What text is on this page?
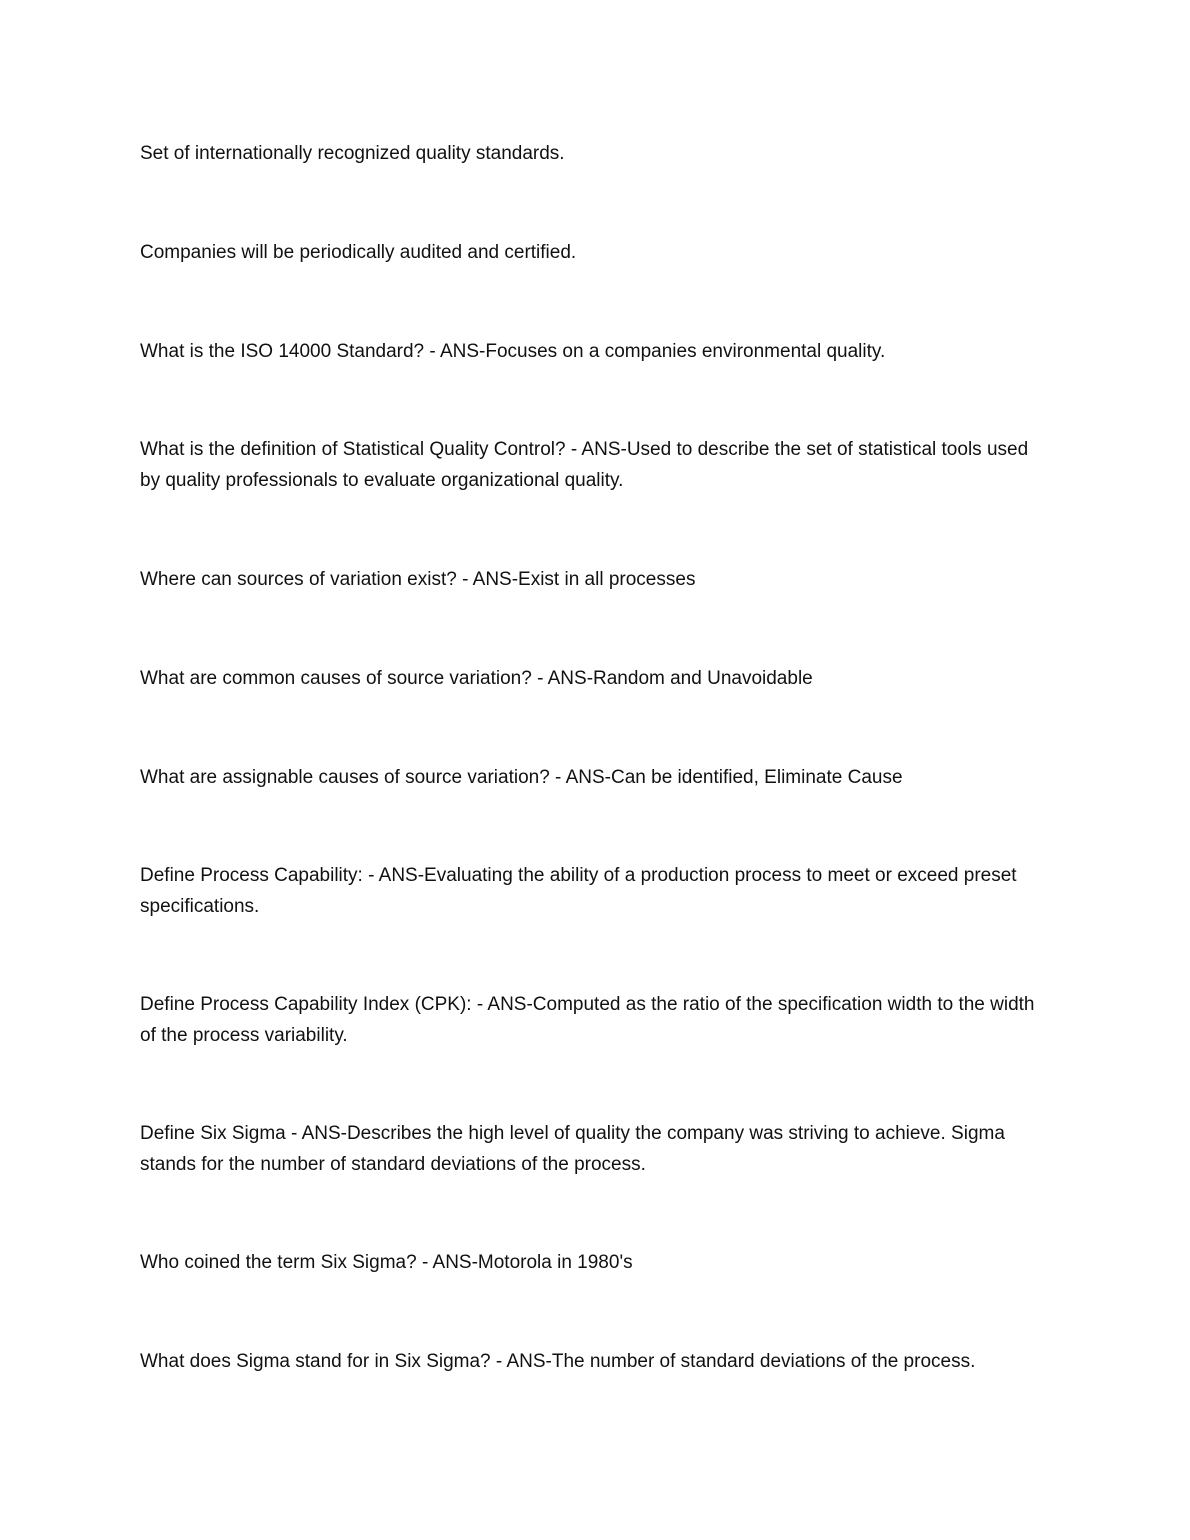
Set of internationally recognized quality standards.

Companies will be periodically audited and certified.

What is the ISO 14000 Standard? - ANS-Focuses on a companies environmental quality.

What is the definition of Statistical Quality Control? - ANS-Used to describe the set of statistical tools used by quality professionals to evaluate organizational quality.

Where can sources of variation exist? - ANS-Exist in all processes

What are common causes of source variation? - ANS-Random and Unavoidable

What are assignable causes of source variation? - ANS-Can be identified, Eliminate Cause

Define Process Capability: - ANS-Evaluating the ability of a production process to meet or exceed preset specifications.

Define Process Capability Index (CPK): - ANS-Computed as the ratio of the specification width to the width of the process variability.

Define Six Sigma - ANS-Describes the high level of quality the company was striving to achieve. Sigma stands for the number of standard deviations of the process.

Who coined the term Six Sigma? - ANS-Motorola in 1980's

What does Sigma stand for in Six Sigma? - ANS-The number of standard deviations of the process.
